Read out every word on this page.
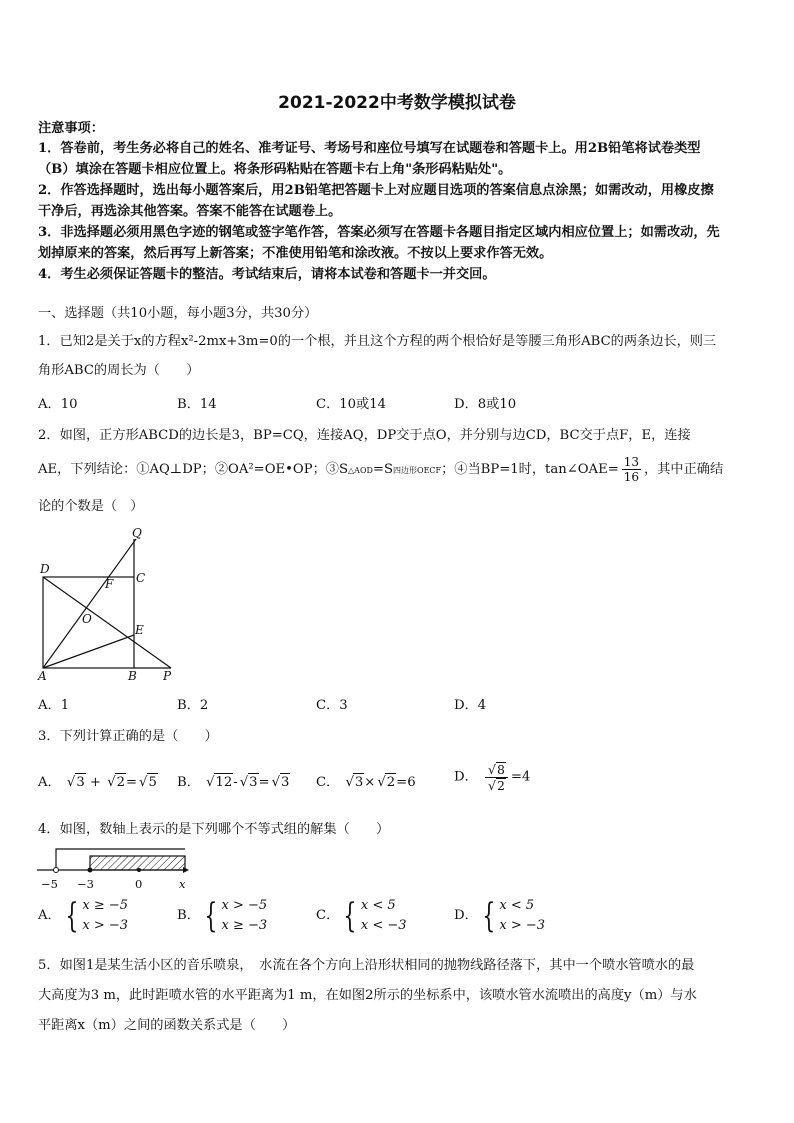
2021-2022中考数学模拟试卷
注意事项：
1．答卷前，考生务必将自己的姓名、准考证号、考场号和座位号填写在试题卷和答题卡上。用2B铅笔将试卷类型
（B）填涂在答题卡相应位置上。将条形码粘贴在答题卡右上角"条形码粘贴处"。
2．作答选择题时，选出每小题答案后，用2B铅笔把答题卡上对应题目选项的答案信息点涂黑；如需改动，用橡皮擦
干净后，再选涂其他答案。答案不能答在试题卷上。
3．非选择题必须用黑色字迹的钢笔或签字笔作答，答案必须写在答题卡各题目指定区域内相应位置上；如需改动，先
划掉原来的答案，然后再写上新答案；不准使用铅笔和涂改液。不按以上要求作答无效。
4．考生必须保证答题卡的整洁。考试结束后，请将本试卷和答题卡一并交回。
一、选择题（共10小题，每小题3分，共30分）
1．已知2是关于x的方程x²-2mx+3m=0的一个根，并且这个方程的两个根恰好是等腰三角形ABC的两条边长，则三
角形ABC的周长为（　　）
A．10	B．14	C．10或14	D．8或10
2．如图，正方形ABCD的边长是3，BP=CQ，连接AQ，DP交于点O，并分别与边CD，BC交于点F，E，连接
AE，下列结论：①AQ⊥DP；②OA²=OE•OP；③S△AOD=S四边形OECF；④当BP=1时，tan∠OAE= $\frac{13}{16}$ ，其中正确结
论的个数是（　）
Q
D
C
F
O
E
A	B P
A．1	B．2	C．3	D．4
3．下列计算正确的是（　　）
A． √ 3 + √ 2= √ 5 B． √ 12- √ 3= √ 3 C． √ 3× √ 2=6	D． √ 8
√ 2 =4
4．如图，数轴上表示的是下列哪个不等式组的解集（　　）
−5 −3	0	x
A． { x ≥ −5
x > −3
B． { x > −5
x ≥ −3
C． { x < 5
x < −3
D． { x < 5
x > −3
5．如图1是某生活小区的音乐喷泉，　水流在各个方向上沿形状相同的抛物线路径落下，其中一个喷水管喷水的最
大高度为3 m，此时距喷水管的水平距离为1 m，在如图2所示的坐标系中，该喷水管水流喷出的高度y（m）与水
平距离x（m）之间的函数关系式是（　　）
